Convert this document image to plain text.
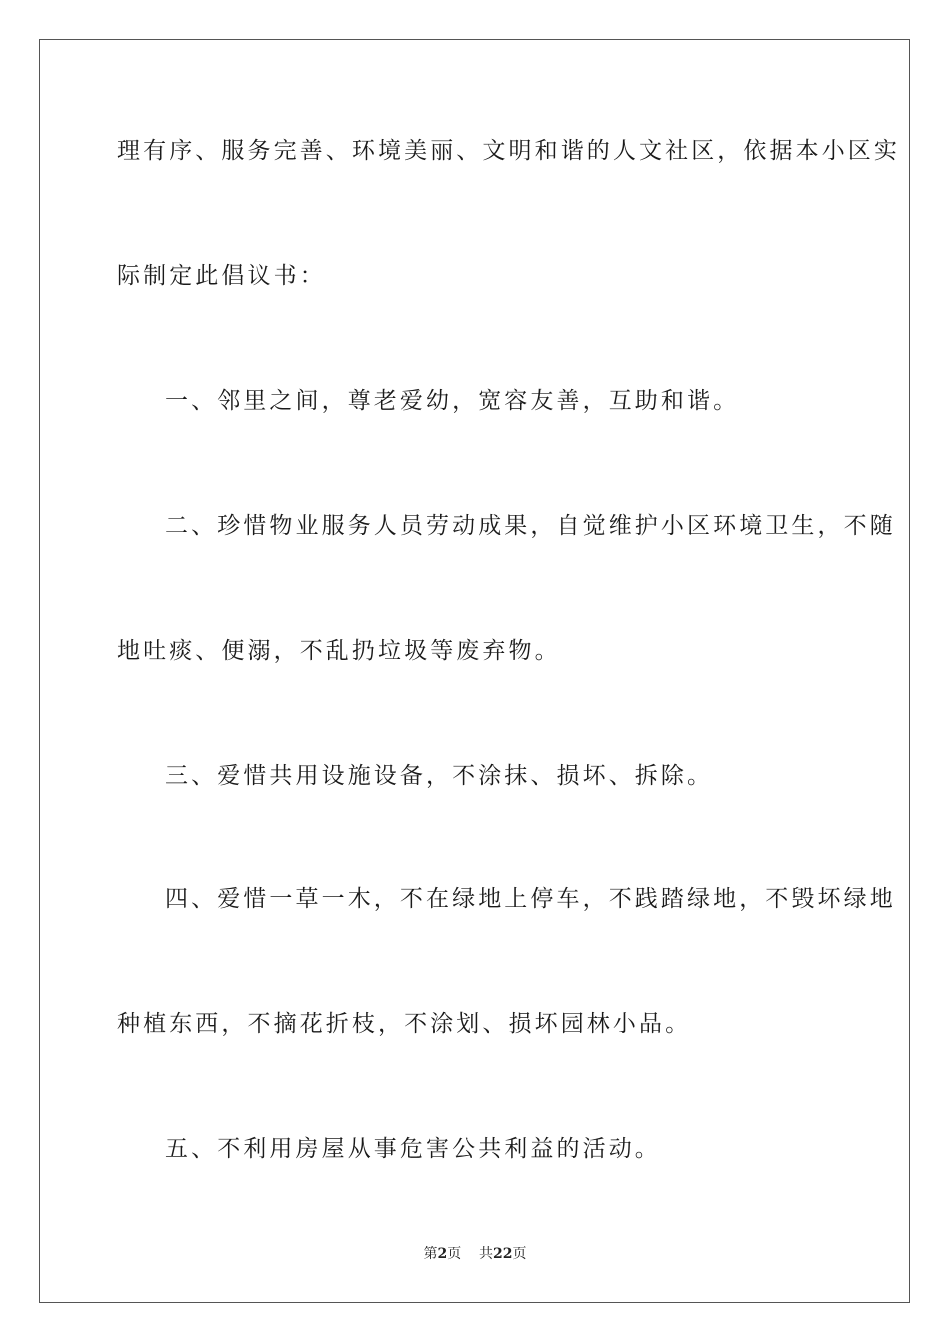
理有序、服务完善、环境美丽、文明和谐的人文社区，依据本小区实
际制定此倡议书：
一、邻里之间，尊老爱幼，宽容友善，互助和谐。
二、珍惜物业服务人员劳动成果，自觉维护小区环境卫生，不随
地吐痰、便溺，不乱扔垃圾等废弃物。
三、爱惜共用设施设备，不涂抹、损坏、拆除。
四、爱惜一草一木，不在绿地上停车，不践踏绿地，不毁坏绿地
种植东西，不摘花折枝，不涂划、损坏园林小品。
五、不利用房屋从事危害公共利益的活动。
第2页 共22页
